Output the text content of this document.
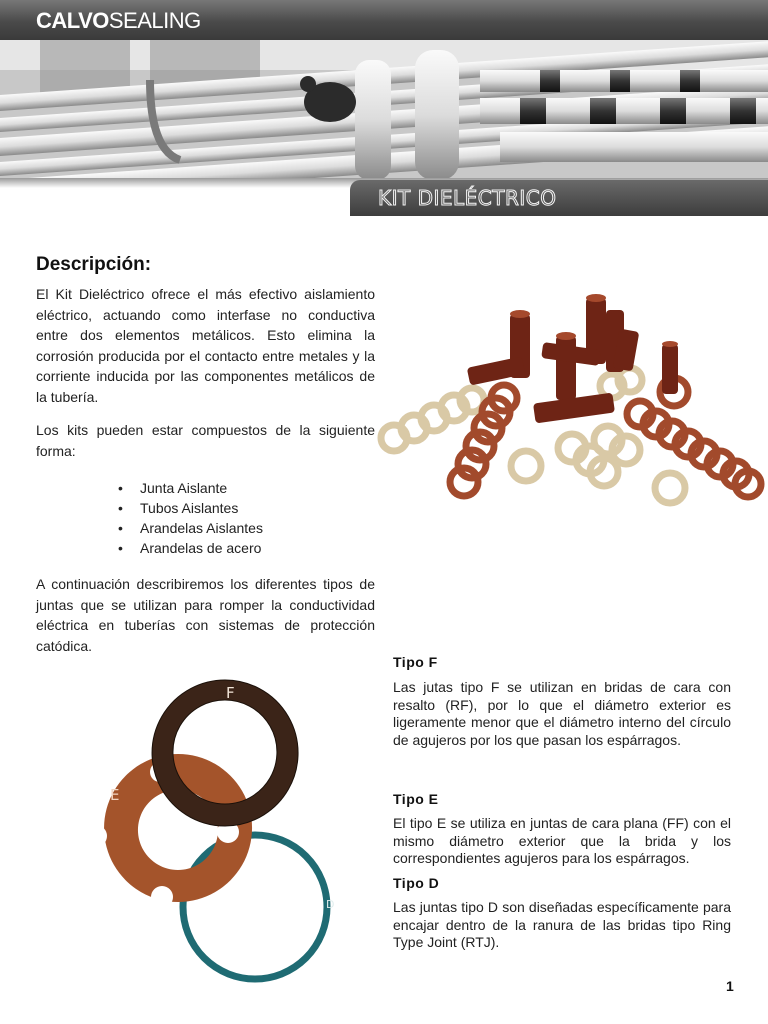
CALVOSEALING
KIT DIELÉCTRICO
Descripción:

El Kit Dieléctrico ofrece el más efectivo aislamiento eléctrico, actuando como interfase no conductiva entre dos elementos metálicos. Esto elimina la corrosión producida por el contacto entre metales y la corriente inducida por las componentes metálicos de la tubería.

Los kits pueden estar compuestos de la siguiente forma:

• Junta Aislante
• Tubos Aislantes
• Arandelas Aislantes
• Arandelas de acero

A continuación describiremos los diferentes tipos de juntas que se utilizan para romper la conductividad eléctrica en tuberías con sistemas de protección catódica.

F
E
D
Tipo F

Las jutas tipo F se utilizan en bridas de cara con resalto (RF), por lo que el diámetro exterior es ligeramente menor que el diámetro interno del círculo de agujeros por los que pasan los espárragos.

Tipo E

El tipo E se utiliza en juntas de cara plana (FF) con el mismo diámetro exterior que la brida y los correspondientes agujeros para los espárragos.

Tipo D

Las juntas tipo D son diseñadas específicamente para encajar dentro de la ranura de las bridas tipo Ring Type Joint (RTJ).

1
